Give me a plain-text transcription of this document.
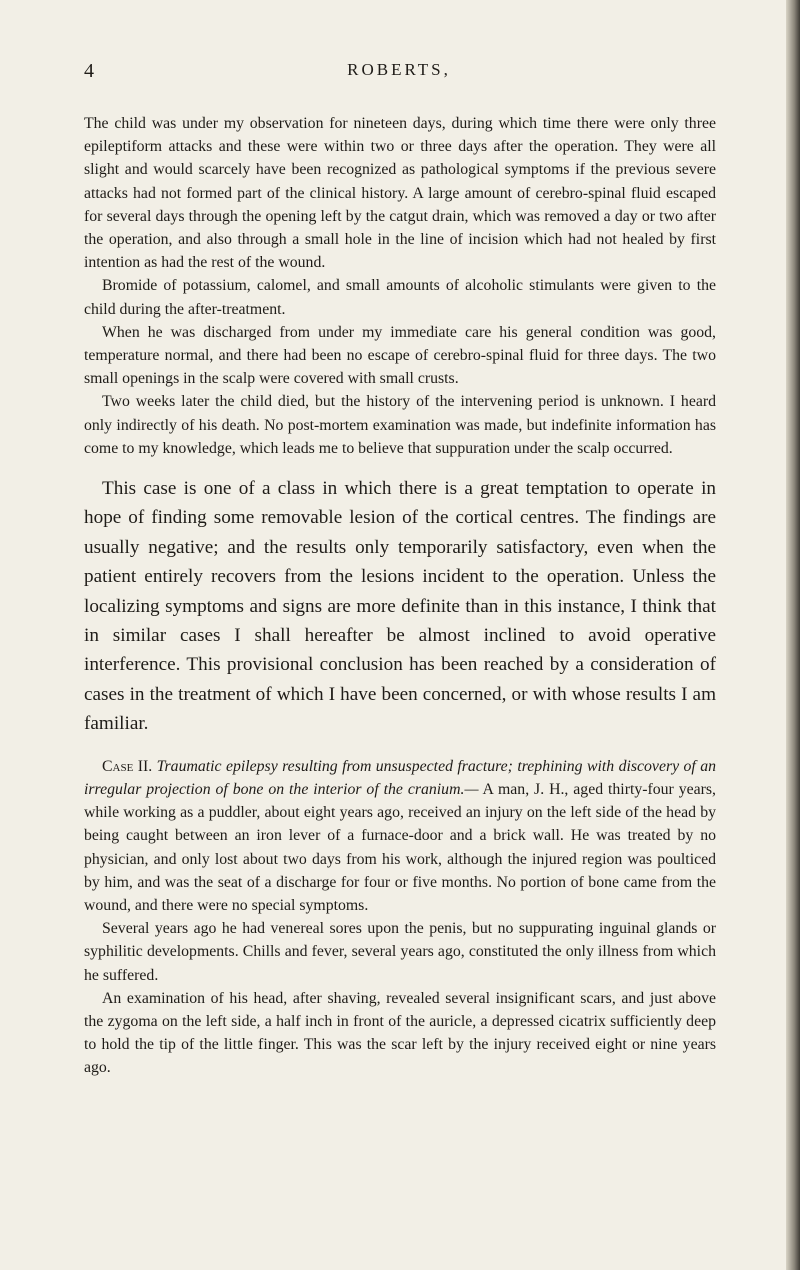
4	ROBERTS,

The child was under my observation for nineteen days, during which time there were only three epileptiform attacks and these were within two or three days after the operation. They were all slight and would scarcely have been recognized as pathological symptoms if the previous severe attacks had not formed part of the clinical history. A large amount of cerebro-spinal fluid escaped for several days through the opening left by the catgut drain, which was removed a day or two after the operation, and also through a small hole in the line of incision which had not healed by first intention as had the rest of the wound.

Bromide of potassium, calomel, and small amounts of alcoholic stimulants were given to the child during the after-treatment.

When he was discharged from under my immediate care his general condition was good, temperature normal, and there had been no escape of cerebro-spinal fluid for three days. The two small openings in the scalp were covered with small crusts.

Two weeks later the child died, but the history of the intervening period is unknown. I heard only indirectly of his death. No post-mortem examination was made, but indefinite information has come to my knowledge, which leads me to believe that suppuration under the scalp occurred.

This case is one of a class in which there is a great temptation to operate in hope of finding some removable lesion of the cortical centres. The findings are usually negative; and the results only temporarily satisfactory, even when the patient entirely recovers from the lesions incident to the operation. Unless the localizing symptoms and signs are more definite than in this instance, I think that in similar cases I shall hereafter be almost inclined to avoid operative interference. This provisional conclusion has been reached by a consideration of cases in the treatment of which I have been concerned, or with whose results I am familiar.

Case II. Traumatic epilepsy resulting from unsuspected fracture; trephining with discovery of an irregular projection of bone on the interior of the cranium.— A man, J. H., aged thirty-four years, while working as a puddler, about eight years ago, received an injury on the left side of the head by being caught between an iron lever of a furnace-door and a brick wall. He was treated by no physician, and only lost about two days from his work, although the injured region was poulticed by him, and was the seat of a discharge for four or five months. No portion of bone came from the wound, and there were no special symptoms.

Several years ago he had venereal sores upon the penis, but no suppurating inguinal glands or syphilitic developments. Chills and fever, several years ago, constituted the only illness from which he suffered.

An examination of his head, after shaving, revealed several insignificant scars, and just above the zygoma on the left side, a half inch in front of the auricle, a depressed cicatrix sufficiently deep to hold the tip of the little finger. This was the scar left by the injury received eight or nine years ago.
